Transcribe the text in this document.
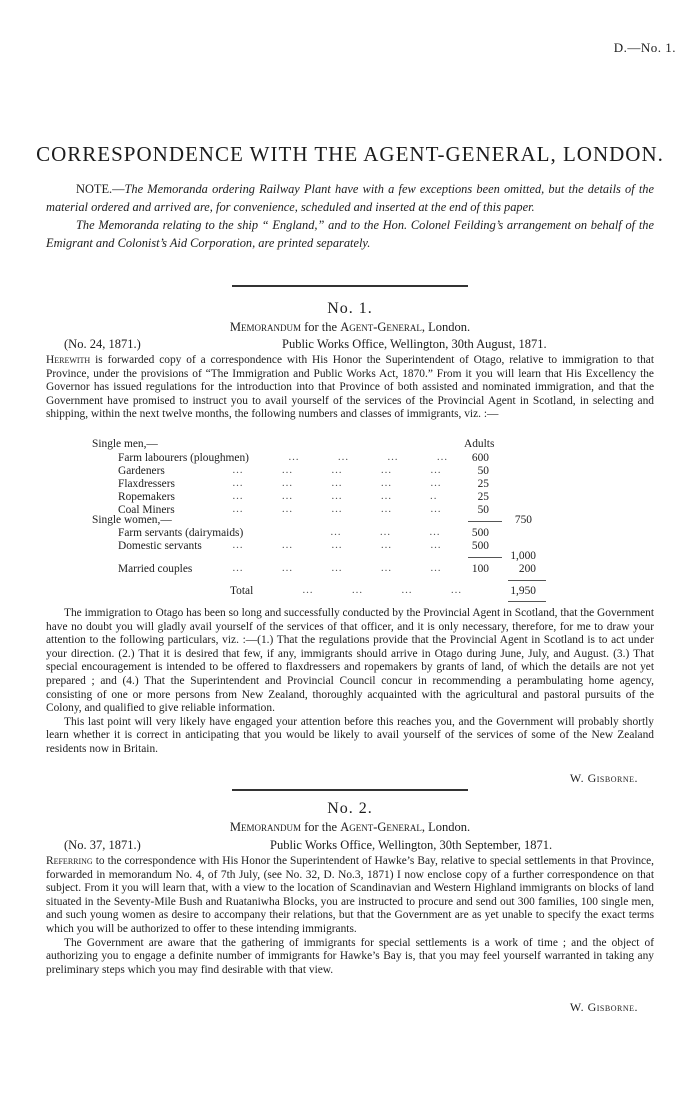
D.—No. 1.
CORRESPONDENCE WITH THE AGENT-GENERAL, LONDON.

NOTE.—The Memoranda ordering Railway Plant have with a few exceptions been omitted, but the details of the material ordered and arrived are, for convenience, scheduled and inserted at the end of this paper.

The Memoranda relating to the ship “ England,” and to the Hon. Colonel Feilding’s arrangement on behalf of the Emigrant and Colonist’s Aid Corporation, are printed separately.

No. 1.
Memorandum for the Agent-General, London.
(No. 24, 1871.)	Public Works Office, Wellington, 30th August, 1871.

Herewith is forwarded copy of a correspondence with His Honor the Superintendent of Otago, relative to immigration to that Province, under the provisions of “The Immigration and Public Works Act, 1870.” From it you will learn that His Excellency the Governor has issued regulations for the introduction into that Province of both assisted and nominated immigration, and that the Government have promised to instruct you to avail yourself of the services of the Provincial Agent in Scotland, in selecting and shipping, within the next twelve months, the following numbers and classes of immigrants, viz. :—

Adults
Single men,—
Farm labourers (ploughmen)	…          …          …          …	600
Gardeners	…          …          …          …          …	50
Flaxdressers	…          …          …          …          …	25
Ropemakers	…          …          …          …          ..	25
Coal Miners	…          …          …          …          …	50
750
Single women,—
Farm servants (dairymaids)	…          …          …	500
Domestic servants	…          …          …          …          …	500
1,000
Married couples	…          …          …          …          …	100	200
Total	…          …          …          …	1,950

The immigration to Otago has been so long and successfully conducted by the Provincial Agent in Scotland, that the Government have no doubt you will gladly avail yourself of the services of that officer, and it is only necessary, therefore, for me to draw your attention to the following particulars, viz. :—(1.) That the regulations provide that the Provincial Agent in Scotland is to act under your direction. (2.) That it is desired that few, if any, immigrants should arrive in Otago during June, July, and August. (3.) That special encouragement is intended to be offered to flaxdressers and ropemakers by grants of land, of which the details are not yet prepared ; and (4.) That the Superintendent and Provincial Council concur in recommending a perambulating home agency, consisting of one or more persons from New Zealand, thoroughly acquainted with the agricultural and pastoral pursuits of the Colony, and qualified to give reliable information.

This last point will very likely have engaged your attention before this reaches you, and the Government will probably shortly learn whether it is correct in anticipating that you would be likely to avail yourself of the services of some of the New Zealand residents now in Britain.

W. Gisborne.
No. 2.
Memorandum for the Agent-General, London.
(No. 37, 1871.)	Public Works Office, Wellington, 30th September, 1871.

Referring to the correspondence with His Honor the Superintendent of Hawke’s Bay, relative to special settlements in that Province, forwarded in memorandum No. 4, of 7th July, (see No. 32, D. No.3, 1871) I now enclose copy of a further correspondence on that subject. From it you will learn that, with a view to the location of Scandinavian and Western Highland immigrants on blocks of land situated in the Seventy-Mile Bush and Ruataniwha Blocks, you are instructed to procure and send out 300 families, 100 single men, and such young women as desire to accompany their relations, but that the Government are as yet unable to specify the exact terms which you will be authorized to offer to these intending immigrants.

The Government are aware that the gathering of immigrants for special settlements is a work of time ; and the object of authorizing you to engage a definite number of immigrants for Hawke’s Bay is, that you may feel yourself warranted in taking any preliminary steps which you may find desirable with that view.

W. Gisborne.
